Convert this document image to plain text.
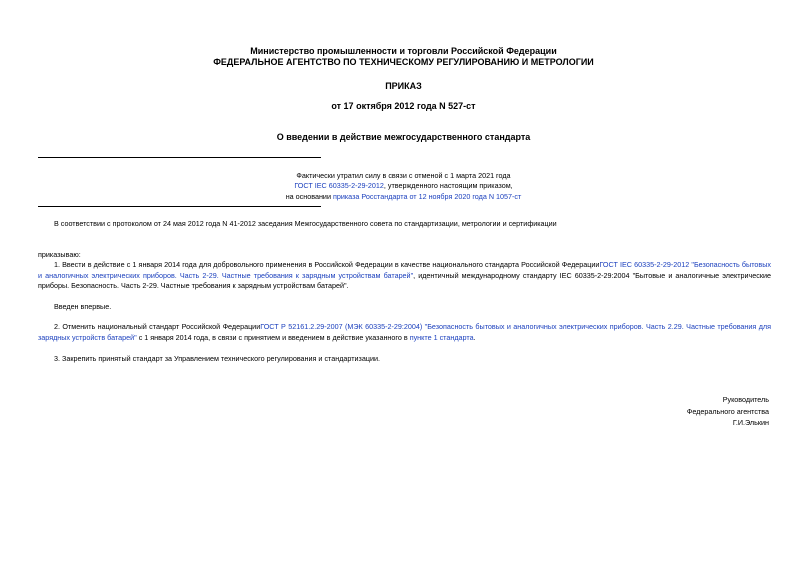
Министерство промышленности и торговли Российской Федерации
ФЕДЕРАЛЬНОЕ АГЕНТСТВО ПО ТЕХНИЧЕСКОМУ РЕГУЛИРОВАНИЮ И МЕТРОЛОГИИ
ПРИКАЗ
от 17 октября 2012 года N 527-ст
О введении в действие межгосударственного стандарта
Фактически утратил силу в связи с отменой с 1 марта 2021 года
ГОСТ IEC 60335-2-29-2012, утвержденного настоящим приказом,
на основании приказа Росстандарта от 12 ноября 2020 года N 1057-ст
В соответствии с протоколом от 24 мая 2012 года N 41-2012 заседания Межгосударственного совета по стандартизации, метрологии и сертификации
приказываю:
1. Ввести в действие с 1 января 2014 года для добровольного применения в Российской Федерации в качестве национального стандарта Российской ФедерацииГОСТ IEC 60335-2-29-2012 "Безопасность бытовых и аналогичных электрических приборов. Часть 2-29. Частные требования к зарядным устройствам батарей", идентичный международному стандарту IEC 60335-2-29:2004 "Бытовые и аналогичные электрические приборы. Безопасность. Часть 2-29. Частные требования к зарядным устройствам батарей".
Введен впервые.
2. Отменить национальный стандарт Российской ФедерацииГОСТ Р 52161.2.29-2007 (МЭК 60335-2-29:2004) "Безопасность бытовых и аналогичных электрических приборов. Часть 2.29. Частные требования для зарядных устройств батарей" с 1 января 2014 года, в связи с принятием и введением в действие указанного в пункте 1 стандарта.
3. Закрепить принятый стандарт за Управлением технического регулирования и стандартизации.
Руководитель
Федерального агентства
Г.И.Элькин
